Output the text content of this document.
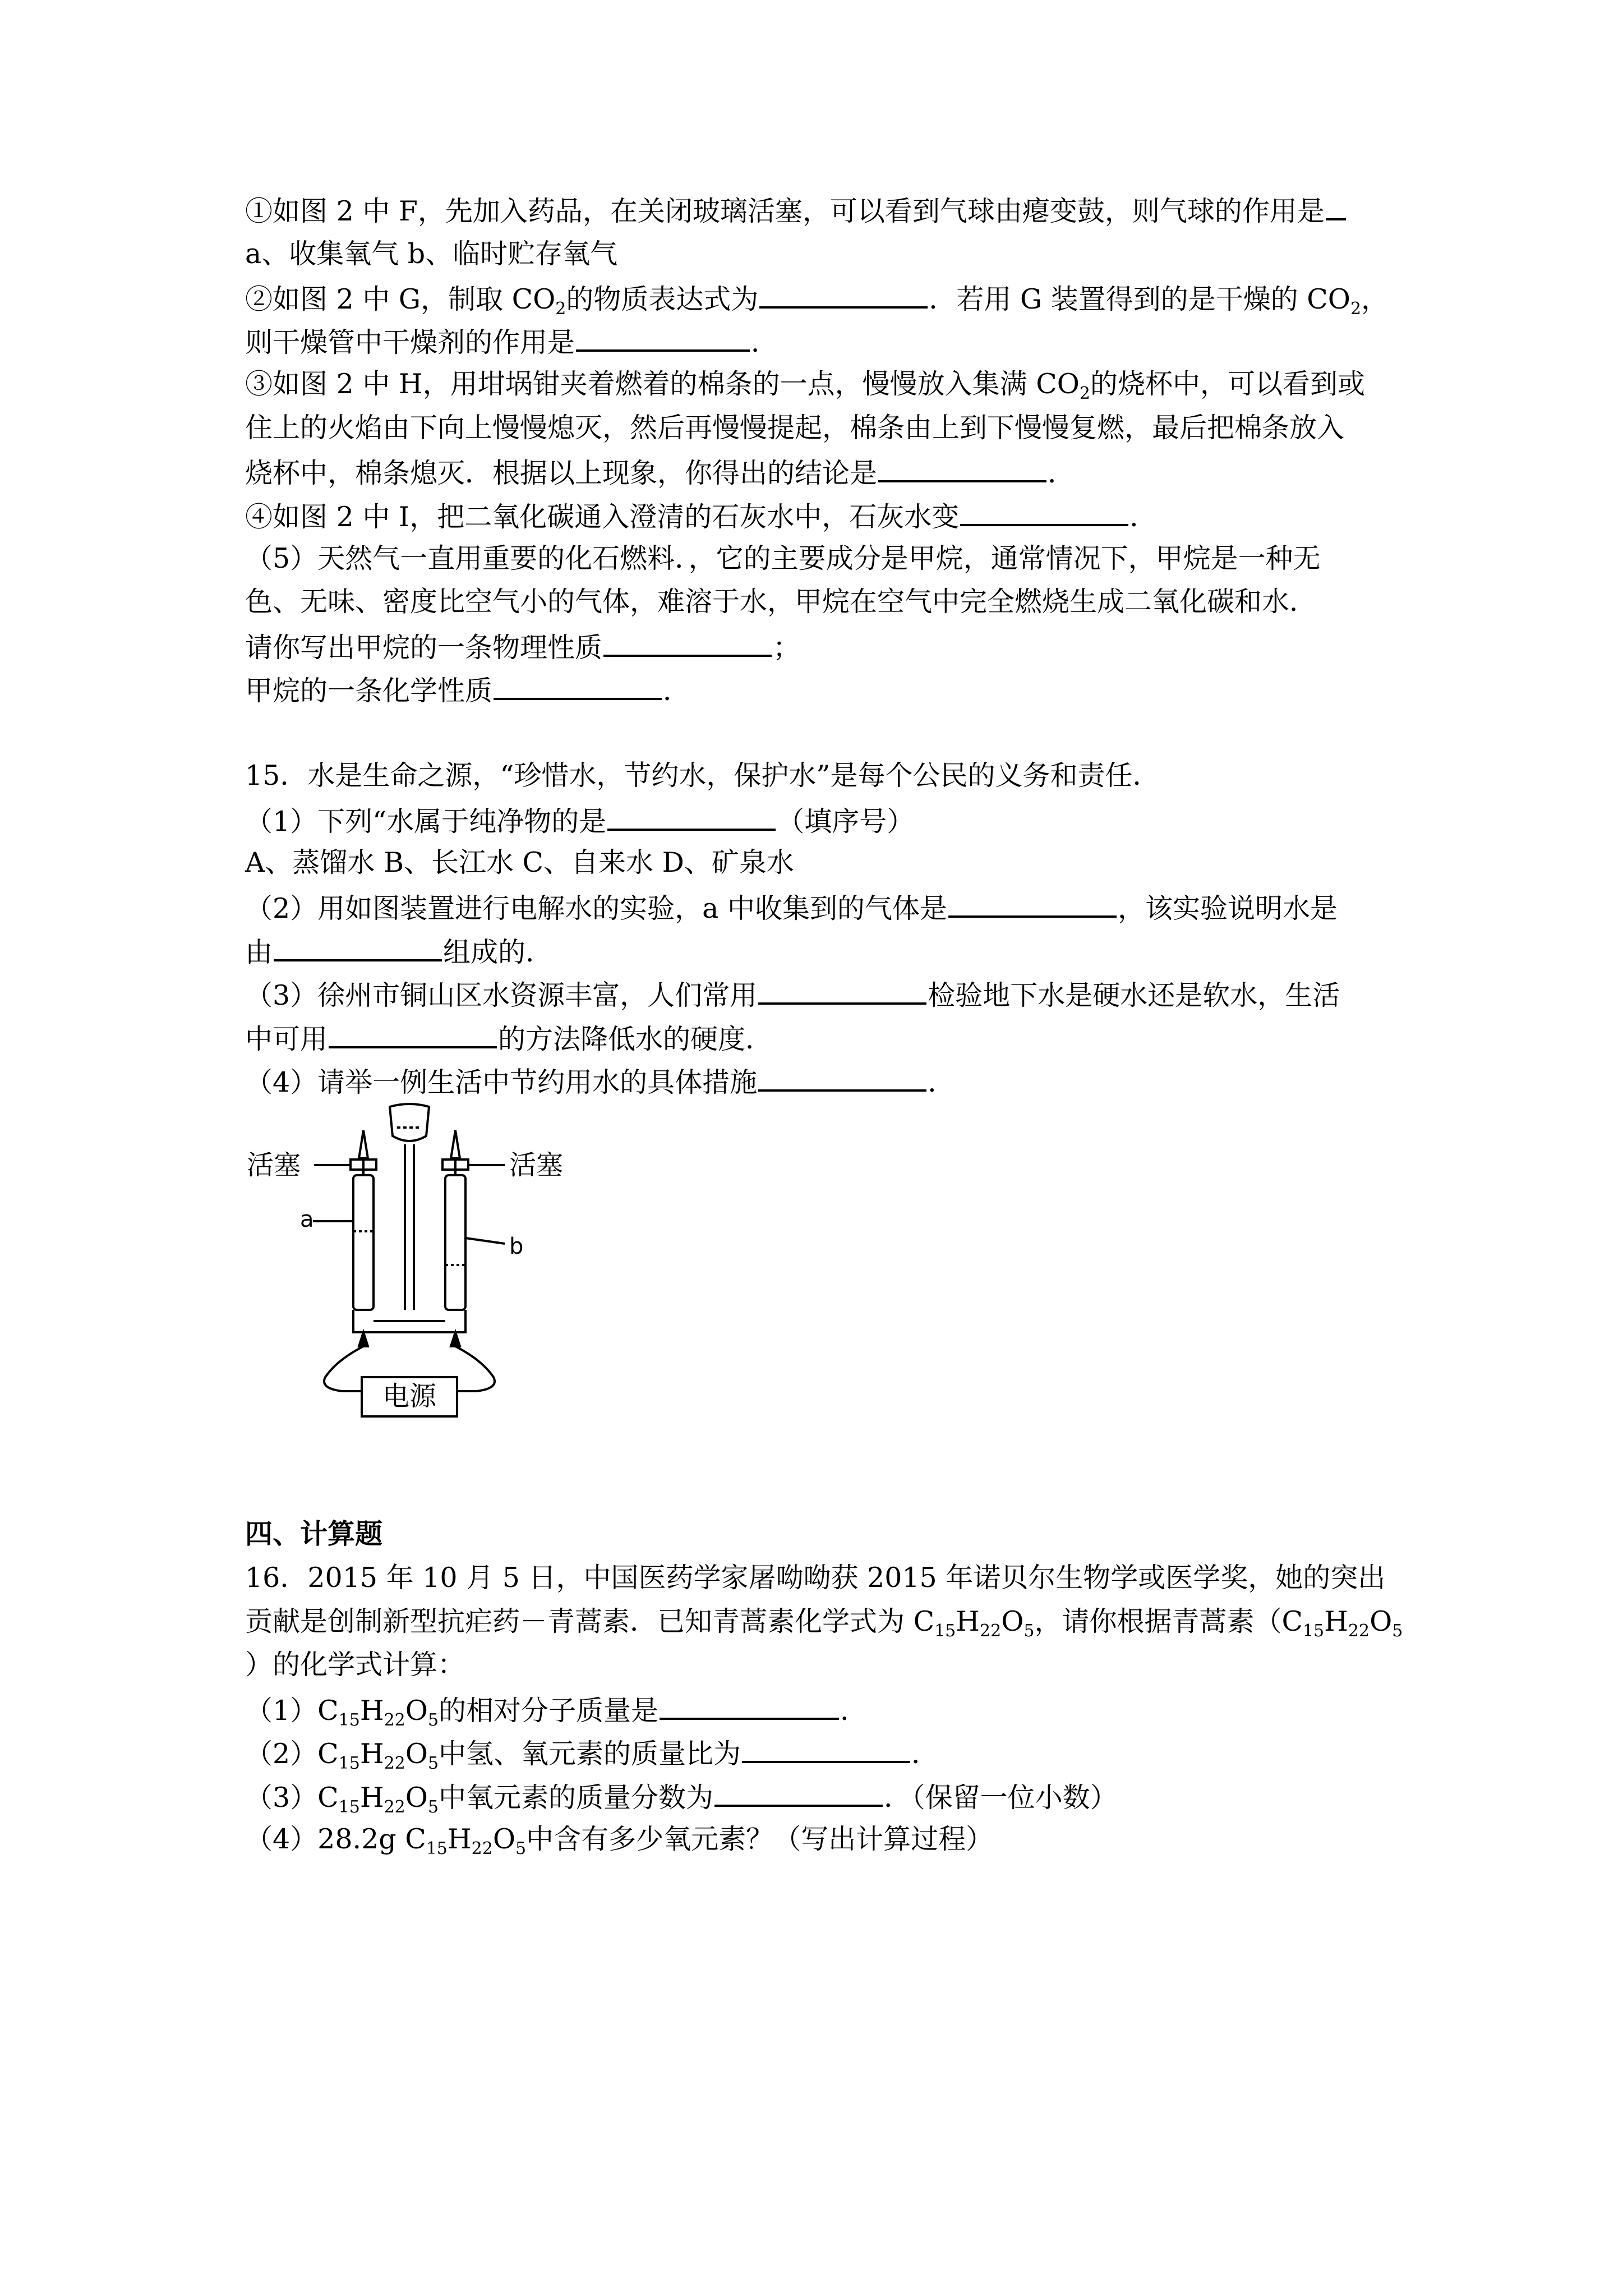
①如图 2 中 F，先加入药品，在关闭玻璃活塞，可以看到气球由瘪变鼓，则气球的作用是
a、收集氧气 b、临时贮存氧气
②如图 2 中 G，制取 $CO_2$的物质表达式为	．若用 G 装置得到的是干燥的 $CO_2$，
则干燥管中干燥剂的作用是	．
③如图 2 中 H，用坩埚钳夹着燃着的棉条的一点，慢慢放入集满 $CO_2$的烧杯中，可以看到或
住上的火焰由下向上慢慢熄灭，然后再慢慢提起，棉条由上到下慢慢复燃，最后把棉条放入
烧杯中，棉条熄灭．根据以上现象，你得出的结论是	．
④如图 2 中 I，把二氧化碳通入澄清的石灰水中，石灰水变	．
（5）天然气一直用重要的化石燃料．，它的主要成分是甲烷，通常情况下，甲烷是一种无
色、无味、密度比空气小的气体，难溶于水，甲烷在空气中完全燃烧生成二氧化碳和水．
请你写出甲烷的一条物理性质	；
甲烷的一条化学性质	．
15．水是生命之源，“珍惜水，节约水，保护水”是每个公民的义务和责任．
（1）下列“水属于纯净物的是	（填序号）
A、蒸馏水 B、长江水 C、自来水 D、矿泉水
（2）用如图装置进行电解水的实验，a 中收集到的气体是	，该实验说明水是
由	组成的．
（3）徐州市铜山区水资源丰富，人们常用	检验地下水是硬水还是软水，生活
中可用	的方法降低水的硬度．
（4）请举一例生活中节约用水的具体措施	．
活塞	活塞
a
b
电源
四、计算题
16．2015 年 10 月 5 日，中国医药学家屠呦呦获 2015 年诺贝尔生物学或医学奖，她的突出
贡献是创制新型抗疟药－青蒿素．已知青蒿素化学式为 $C_{15}H_{22}O_5$，请你根据青蒿素（$C_{15}H_{22}O_5$
）的化学式计算：
$(1)C_{15}H_{22}O_5$的相对分子质量是	．
$(2)C_{15}H_{22}O_5$中氢、氧元素的质量比为	．
$(3)C_{15}H_{22}O_5$中氧元素的质量分数为	．（保留一位小数）
（4）28.2g $C_{15}H_{22}O_5$中含有多少氧元素？（写出计算过程）
